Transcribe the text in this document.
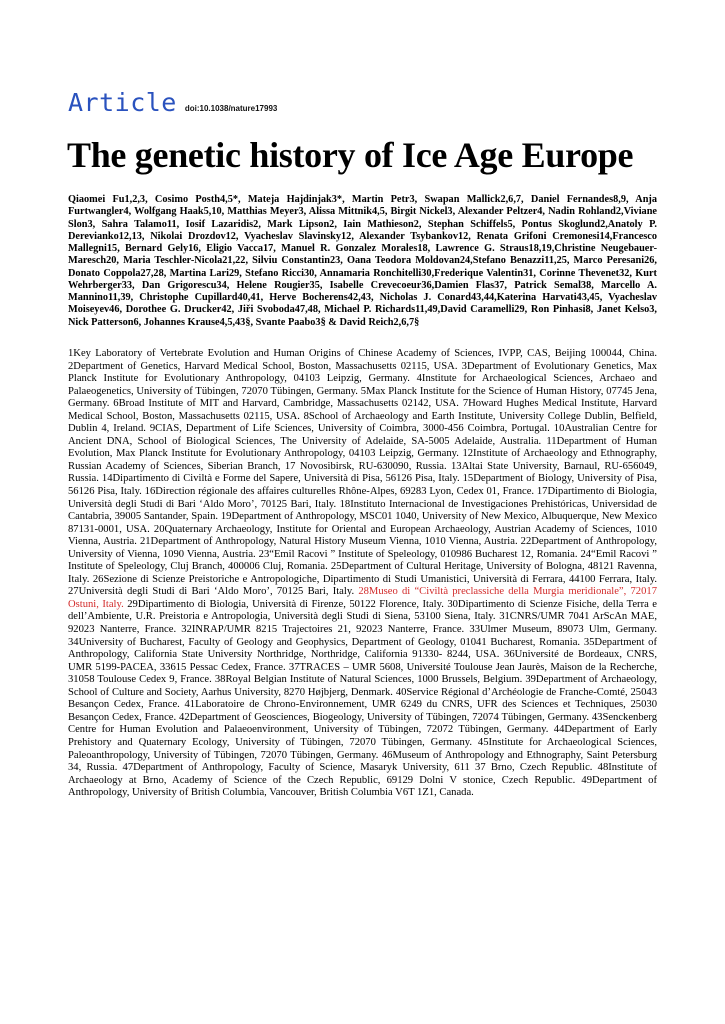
Article doi:10.1038/nature17993
The genetic history of Ice Age Europe

Qiaomei Fu1,2,3, Cosimo Posth4,5*, Mateja Hajdinjak3*, Martin Petr3, Swapan Mallick2,6,7, Daniel Fernandes8,9, Anja Furtwangler4, Wolfgang Haak5,10, Matthias Meyer3, Alissa Mittnik4,5, Birgit Nickel3, Alexander Peltzer4, Nadin Rohland2,Viviane Slon3, Sahra Talamo11, Iosif Lazaridis2, Mark Lipson2, Iain Mathieson2, Stephan Schiffels5, Pontus Skoglund2,Anatoly P. Derevianko12,13, Nikolai Drozdov12, Vyacheslav Slavinsky12, Alexander Tsybankov12, Renata Grifoni Cremonesi14,Francesco Mallegni15, Bernard Gely16, Eligio Vacca17, Manuel R. Gonzalez Morales18, Lawrence G. Straus18,19,Christine Neugebauer-Maresch20, Maria Teschler-Nicola21,22, Silviu Constantin23, Oana Teodora Moldovan24,Stefano Benazzi11,25, Marco Peresani26, Donato Coppola27,28, Martina Lari29, Stefano Ricci30, Annamaria Ronchitelli30,Frederique Valentin31, Corinne Thevenet32, Kurt Wehrberger33, Dan Grigorescu34, Helene Rougier35, Isabelle Crevecoeur36,Damien Flas37, Patrick Semal38, Marcello A. Mannino11,39, Christophe Cupillard40,41, Herve Bocherens42,43, Nicholas J. Conard43,44,Katerina Harvati43,45, Vyacheslav Moiseyev46, Dorothee G. Drucker42, Jiři Svoboda47,48, Michael P. Richards11,49,David Caramelli29, Ron Pinhasi8, Janet Kelso3, Nick Patterson6, Johannes Krause4,5,43§, Svante Paabo3§ & David Reich2,6,7§

1Key Laboratory of Vertebrate Evolution and Human Origins of Chinese Academy of Sciences, IVPP, CAS, Beijing 100044, China. 2Department of Genetics, Harvard Medical School, Boston, Massachusetts 02115, USA. 3Department of Evolutionary Genetics, Max Planck Institute for Evolutionary Anthropology, 04103 Leipzig, Germany. 4Institute for Archaeological Sciences, Archaeo and Palaeogenetics, University of Tübingen, 72070 Tübingen, Germany. 5Max Planck Institute for the Science of Human History, 07745 Jena, Germany. 6Broad Institute of MIT and Harvard, Cambridge, Massachusetts 02142, USA. 7Howard Hughes Medical Institute, Harvard Medical School, Boston, Massachusetts 02115, USA. 8School of Archaeology and Earth Institute, University College Dublin, Belfield, Dublin 4, Ireland. 9CIAS, Department of Life Sciences, University of Coimbra, 3000-456 Coimbra, Portugal. 10Australian Centre for Ancient DNA, School of Biological Sciences, The University of Adelaide, SA-5005 Adelaide, Australia. 11Department of Human Evolution, Max Planck Institute for Evolutionary Anthropology, 04103 Leipzig, Germany. 12Institute of Archaeology and Ethnography, Russian Academy of Sciences, Siberian Branch, 17 Novosibirsk, RU-630090, Russia. 13Altai State University, Barnaul, RU-656049, Russia. 14Dipartimento di Civiltà e Forme del Sapere, Università di Pisa, 56126 Pisa, Italy. 15Department of Biology, University of Pisa, 56126 Pisa, Italy. 16Direction régionale des affaires culturelles Rhône-Alpes, 69283 Lyon, Cedex 01, France. 17Dipartimento di Biologia, Università degli Studi di Bari ‘Aldo Moro’, 70125 Bari, Italy. 18Instituto Internacional de Investigaciones Prehistóricas, Universidad de Cantabria, 39005 Santander, Spain. 19Department of Anthropology, MSC01 1040, University of New Mexico, Albuquerque, New Mexico 87131-0001, USA. 20Quaternary Archaeology, Institute for Oriental and European Archaeology, Austrian Academy of Sciences, 1010 Vienna, Austria. 21Department of Anthropology, Natural History Museum Vienna, 1010 Vienna, Austria. 22Department of Anthropology, University of Vienna, 1090 Vienna, Austria. 23“Emil Racovi ” Institute of Speleology, 010986 Bucharest 12, Romania. 24“Emil Racovi ” Institute of Speleology, Cluj Branch, 400006 Cluj, Romania. 25Department of Cultural Heritage, University of Bologna, 48121 Ravenna, Italy. 26Sezione di Scienze Preistoriche e Antropologiche, Dipartimento di Studi Umanistici, Università di Ferrara, 44100 Ferrara, Italy. 27Università degli Studi di Bari ‘Aldo Moro’, 70125 Bari, Italy. 28Museo di “Civiltà preclassiche della Murgia meridionale”, 72017 Ostuni, Italy. 29Dipartimento di Biologia, Università di Firenze, 50122 Florence, Italy. 30Dipartimento di Scienze Fisiche, della Terra e dell’Ambiente, U.R. Preistoria e Antropologia, Università degli Studi di Siena, 53100 Siena, Italy. 31CNRS/UMR 7041 ArScAn MAE, 92023 Nanterre, France. 32INRAP/UMR 8215 Trajectoires 21, 92023 Nanterre, France. 33Ulmer Museum, 89073 Ulm, Germany. 34University of Bucharest, Faculty of Geology and Geophysics, Department of Geology, 01041 Bucharest, Romania. 35Department of Anthropology, California State University Northridge, Northridge, California 91330- 8244, USA. 36Université de Bordeaux, CNRS, UMR 5199-PACEA, 33615 Pessac Cedex, France. 37TRACES – UMR 5608, Université Toulouse Jean Jaurès, Maison de la Recherche, 31058 Toulouse Cedex 9, France. 38Royal Belgian Institute of Natural Sciences, 1000 Brussels, Belgium. 39Department of Archaeology, School of Culture and Society, Aarhus University, 8270 Højbjerg, Denmark. 40Service Régional d’Archéologie de Franche-Comté, 25043 Besançon Cedex, France. 41Laboratoire de Chrono-Environnement, UMR 6249 du CNRS, UFR des Sciences et Techniques, 25030 Besançon Cedex, France. 42Department of Geosciences, Biogeology, University of Tübingen, 72074 Tübingen, Germany. 43Senckenberg Centre for Human Evolution and Palaeoenvironment, University of Tübingen, 72072 Tübingen, Germany. 44Department of Early Prehistory and Quaternary Ecology, University of Tübingen, 72070 Tübingen, Germany. 45Institute for Archaeological Sciences, Paleoanthropology, University of Tübingen, 72070 Tübingen, Germany. 46Museum of Anthropology and Ethnography, Saint Petersburg 34, Russia. 47Department of Anthropology, Faculty of Science, Masaryk University, 611 37 Brno, Czech Republic. 48Institute of Archaeology at Brno, Academy of Science of the Czech Republic, 69129 Dolni V stonice, Czech Republic. 49Department of Anthropology, University of British Columbia, Vancouver, British Columbia V6T 1Z1, Canada.
